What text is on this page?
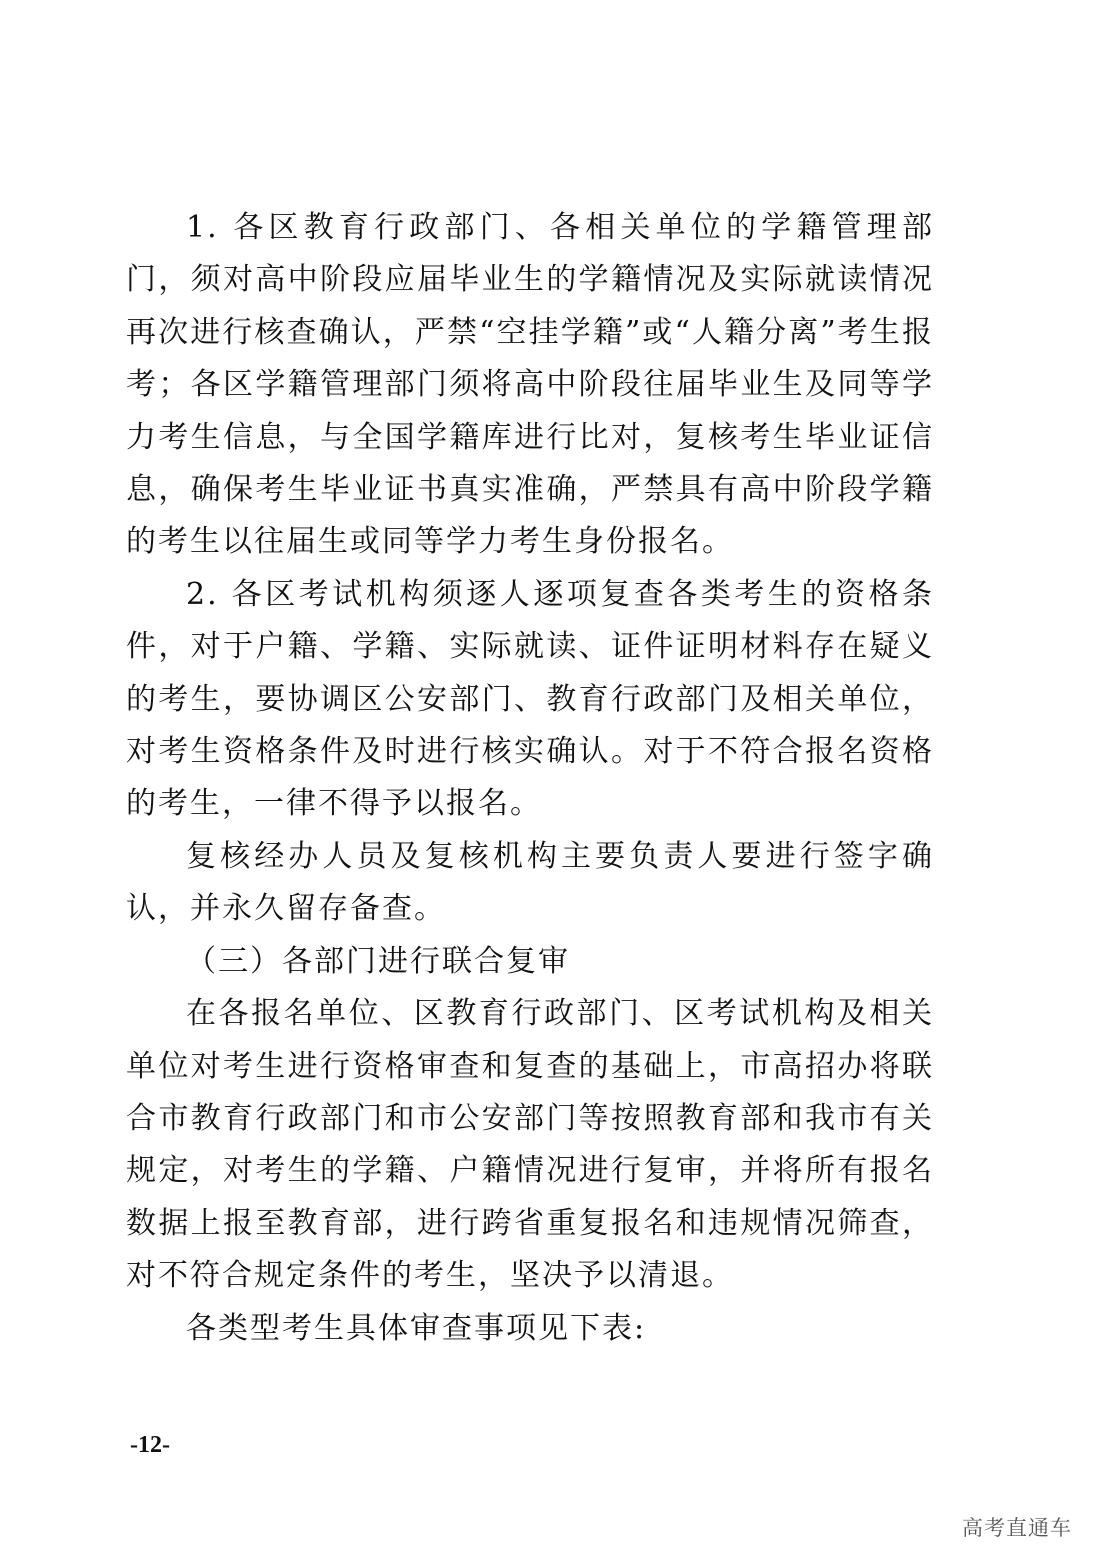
1. 各区教育行政部门、各相关单位的学籍管理部门，须对高中阶段应届毕业生的学籍情况及实际就读情况再次进行核查确认，严禁“空挂学籍”或“人籍分离”考生报考；各区学籍管理部门须将高中阶段往届毕业生及同等学力考生信息，与全国学籍库进行比对，复核考生毕业证信息，确保考生毕业证书真实准确，严禁具有高中阶段学籍的考生以往届生或同等学力考生身份报名。

2. 各区考试机构须逐人逐项复查各类考生的资格条件，对于户籍、学籍、实际就读、证件证明材料存在疑义的考生，要协调区公安部门、教育行政部门及相关单位，对考生资格条件及时进行核实确认。对于不符合报名资格的考生，一律不得予以报名。

复核经办人员及复核机构主要负责人要进行签字确认，并永久留存备查。

（三）各部门进行联合复审

在各报名单位、区教育行政部门、区考试机构及相关单位对考生进行资格审查和复查的基础上，市高招办将联合市教育行政部门和市公安部门等按照教育部和我市有关规定，对考生的学籍、户籍情况进行复审，并将所有报名数据上报至教育部，进行跨省重复报名和违规情况筛查，对不符合规定条件的考生，坚决予以清退。

各类型考生具体审查事项见下表:

-12-
高考直通车
